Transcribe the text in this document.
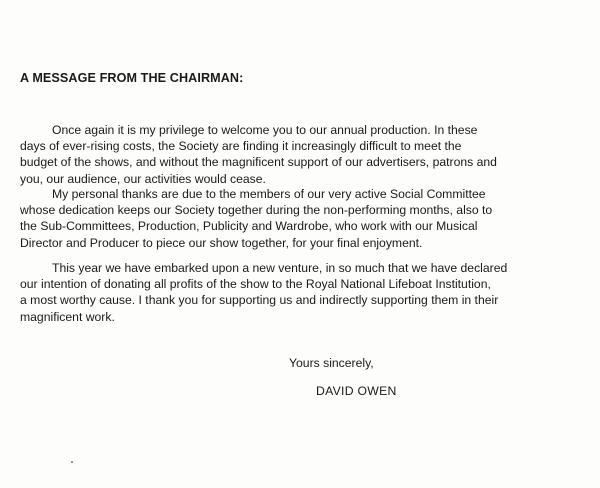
A MESSAGE FROM THE CHAIRMAN:
Once again it is my privilege to welcome you to our annual production. In these
days of ever-rising costs, the Society are finding it increasingly difficult to meet the
budget of the shows, and without the magnificent support of our advertisers, patrons and
you, our audience, our activities would cease.
My personal thanks are due to the members of our very active Social Committee
whose dedication keeps our Society together during the non-performing months, also to
the Sub-Committees, Production, Publicity and Wardrobe, who work with our Musical
Director and Producer to piece our show together, for your final enjoyment.
This year we have embarked upon a new venture, in so much that we have declared
our intention of donating all profits of the show to the Royal National Lifeboat Institution,
a most worthy cause. I thank you for supporting us and indirectly supporting them in their
magnificent work.
Yours sincerely,
DAVID OWEN
